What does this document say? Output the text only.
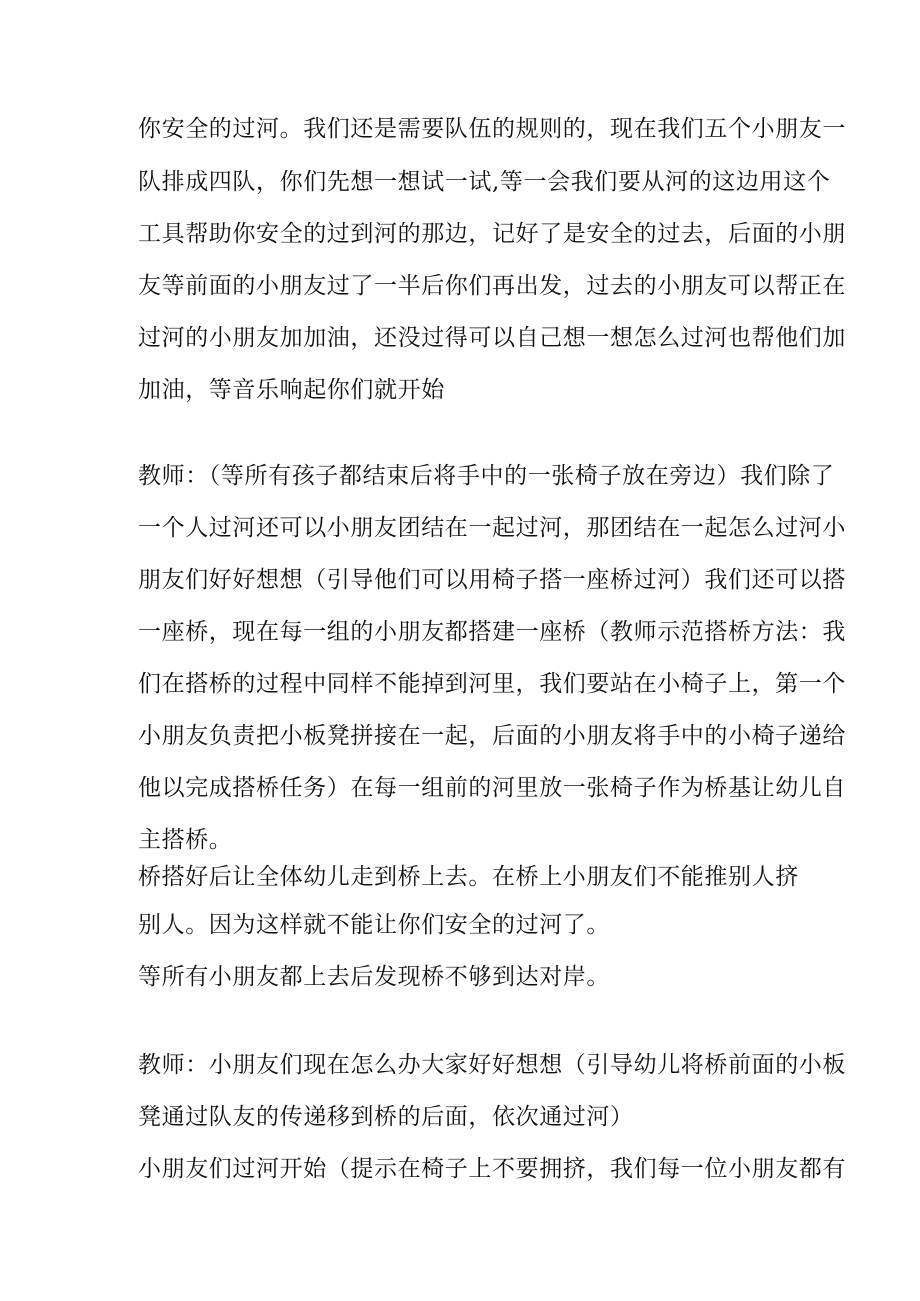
你安全的过河。我们还是需要队伍的规则的，现在我们五个小朋友一
队排成四队，你们先想一想试一试,等一会我们要从河的这边用这个
工具帮助你安全的过到河的那边，记好了是安全的过去，后面的小朋
友等前面的小朋友过了一半后你们再出发，过去的小朋友可以帮正在
过河的小朋友加加油，还没过得可以自己想一想怎么过河也帮他们加
加油，等音乐响起你们就开始
教师：（等所有孩子都结束后将手中的一张椅子放在旁边）我们除了
一个人过河还可以小朋友团结在一起过河，那团结在一起怎么过河小
朋友们好好想想（引导他们可以用椅子搭一座桥过河）我们还可以搭
一座桥，现在每一组的小朋友都搭建一座桥（教师示范搭桥方法：我
们在搭桥的过程中同样不能掉到河里，我们要站在小椅子上，第一个
小朋友负责把小板凳拼接在一起，后面的小朋友将手中的小椅子递给
他以完成搭桥任务）在每一组前的河里放一张椅子作为桥基让幼儿自
主搭桥。
桥搭好后让全体幼儿走到桥上去。在桥上小朋友们不能推别人挤
别人。因为这样就不能让你们安全的过河了。
等所有小朋友都上去后发现桥不够到达对岸。
教师：小朋友们现在怎么办大家好好想想（引导幼儿将桥前面的小板
凳通过队友的传递移到桥的后面，依次通过河）
小朋友们过河开始（提示在椅子上不要拥挤，我们每一位小朋友都有
